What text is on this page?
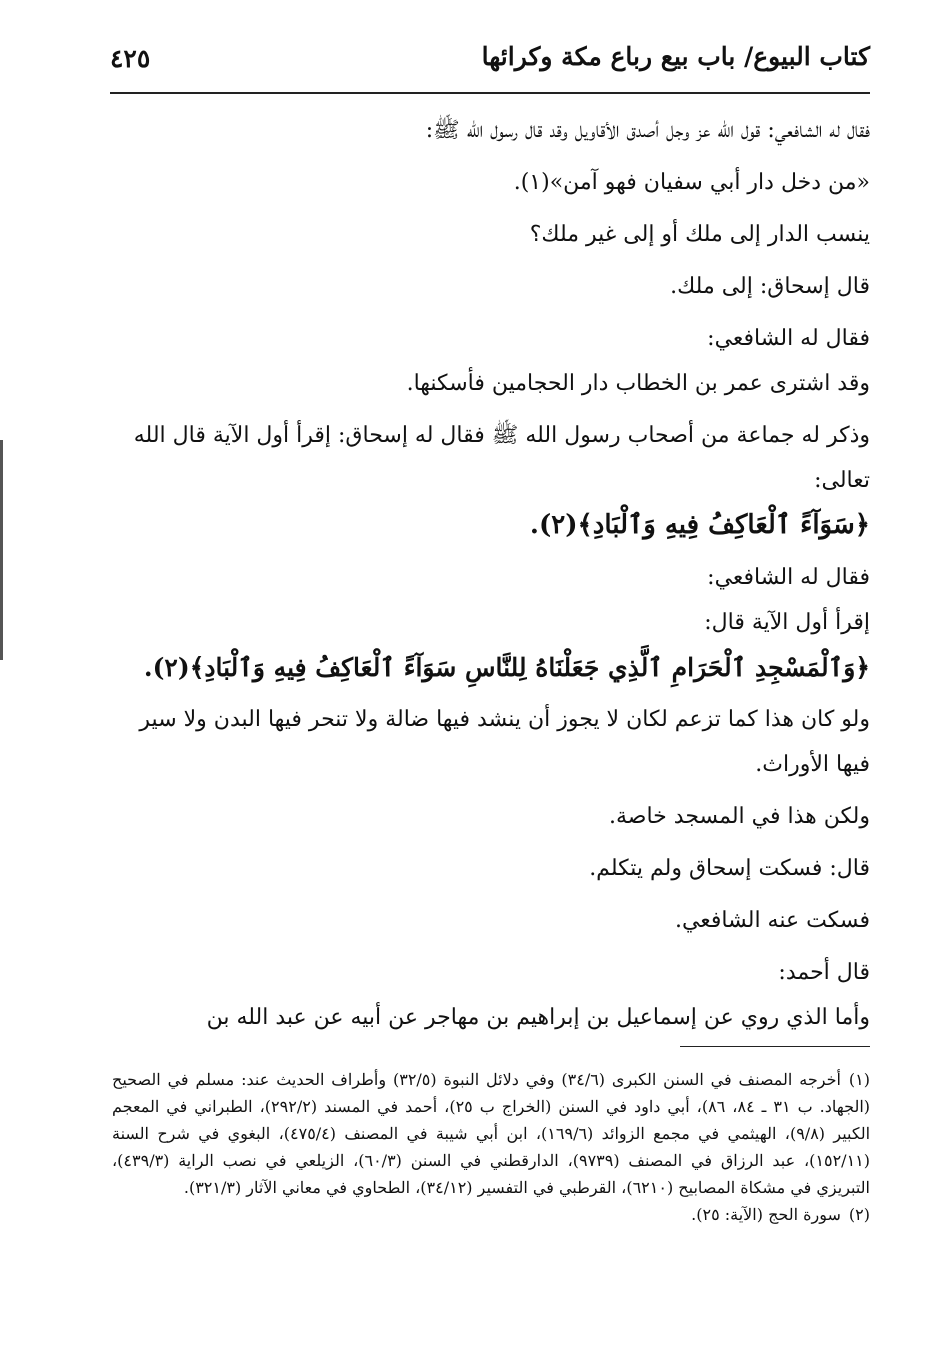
كتاب البيوع/ باب بيع رباع مكة وكرائها
٤٢٥

فقال له الشافعي: قول الله عز وجل أصدق الأقاويل وقد قال رسول الله ﷺ:

«من دخل دار أبي سفيان فهو آمن»(١).

ينسب الدار إلى ملك أو إلى غير ملك؟

قال إسحاق: إلى ملك.

فقال له الشافعي:

وقد اشترى عمر بن الخطاب دار الحجامين فأسكنها.

وذكر له جماعة من أصحاب رسول الله ﷺ فقال له إسحاق: إقرأ أول الآية قال الله تعالى:

﴿سَوَآءً ٱلْعَاكِفُ فِيهِ وَٱلْبَادِ﴾(٢).

فقال له الشافعي:

إقرأ أول الآية قال:

﴿وَٱلْمَسْجِدِ ٱلْحَرَامِ ٱلَّذِي جَعَلْنَاهُ لِلنَّاسِ سَوَآءً ٱلْعَاكِفُ فِيهِ وَٱلْبَادِ﴾(٢).

ولو كان هذا كما تزعم لكان لا يجوز أن ينشد فيها ضالة ولا تنحر فيها البدن ولا سير فيها الأوراث.

ولكن هذا في المسجد خاصة.

قال: فسكت إسحاق ولم يتكلم.

فسكت عنه الشافعي.

قال أحمد:

وأما الذي روي عن إسماعيل بن إبراهيم بن مهاجر عن أبيه عن عبد الله بن

(١)أخرجه المصنف في السنن الكبرى (٣٤/٦) وفي دلائل النبوة (٣٢/٥) وأطراف الحديث عند: مسلم في الصحيح (الجهاد. ب ٣١ ـ ٨٤، ٨٦)، أبي داود في السنن (الخراج ب ٢٥)، أحمد في المسند (٢٩٢/٢)، الطبراني في المعجم الكبير (٩/٨)، الهيثمي في مجمع الزوائد (١٦٩/٦)، ابن أبي شيبة في المصنف (٤٧٥/٤)، البغوي في شرح السنة (١٥٢/١١)، عبد الرزاق في المصنف (٩٧٣٩)، الدارقطني في السنن (٦٠/٣)، الزيلعي في نصب الراية (٤٣٩/٣)، التبريزي في مشكاة المصابيح (٦٢١٠)، القرطبي في التفسير (٣٤/١٢)، الطحاوي في معاني الآثار (٣٢١/٣).

(٢)سورة الحج (الآية: ٢٥).
